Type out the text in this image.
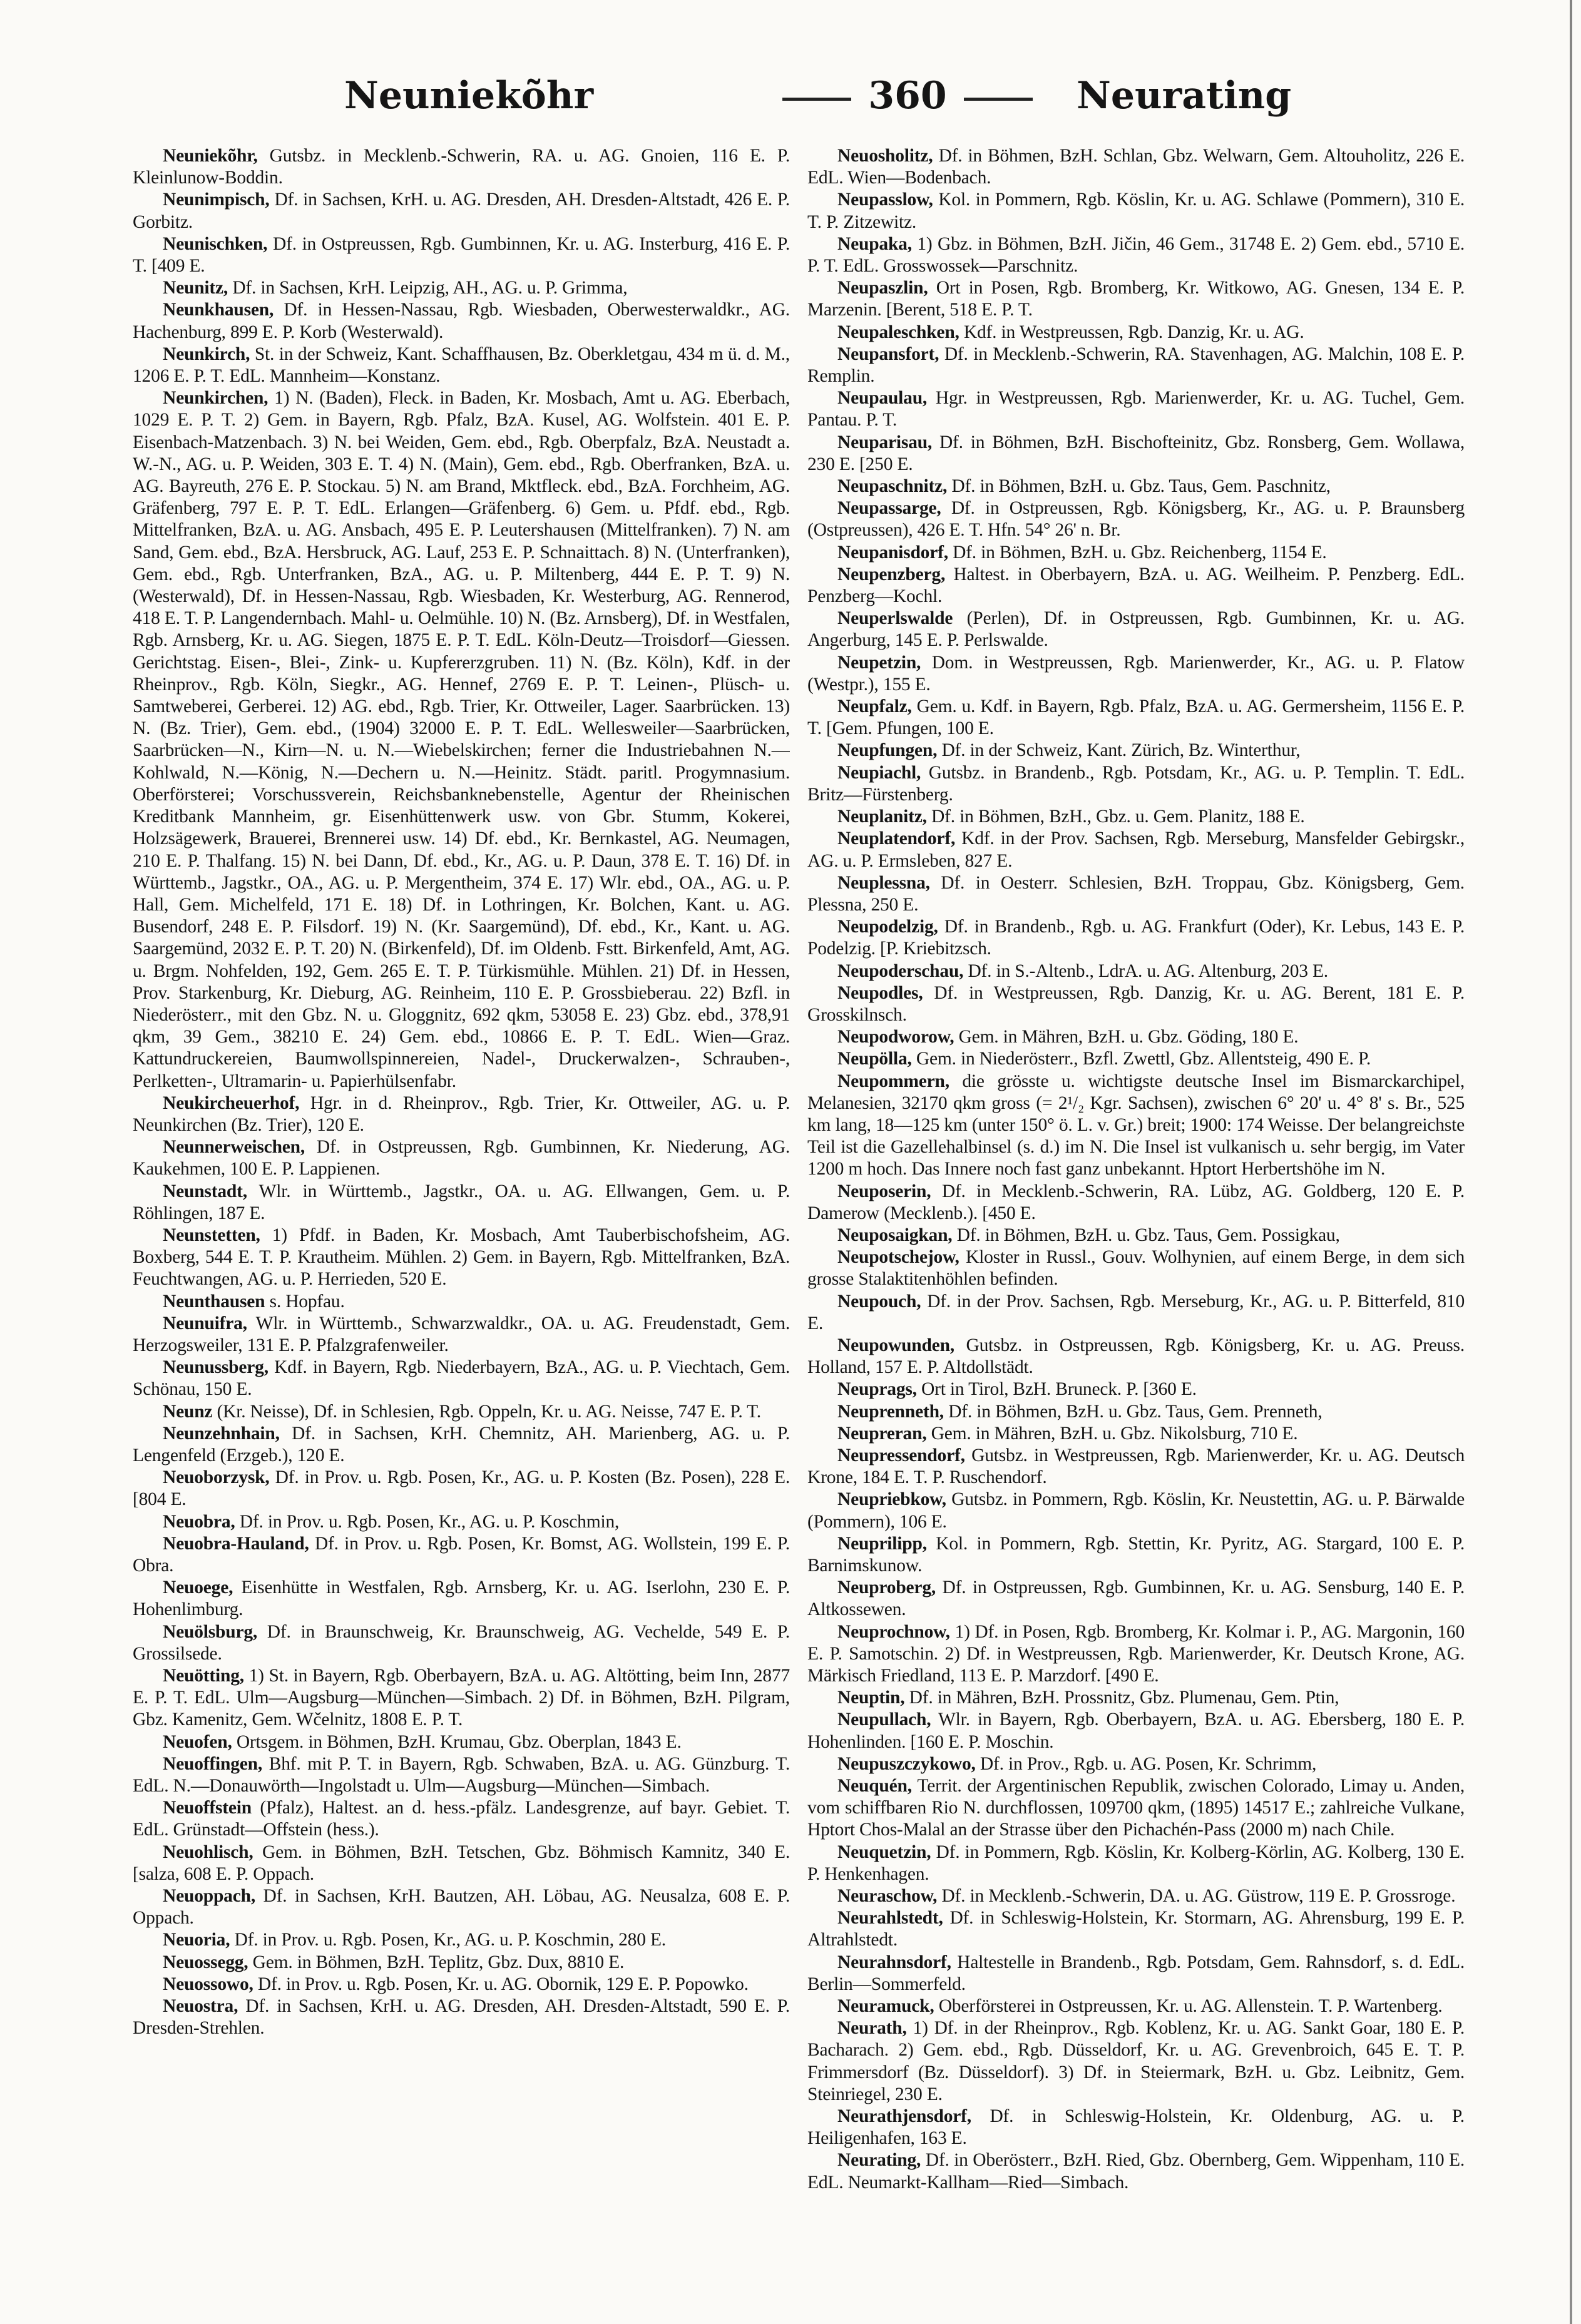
Neuniekõhr	360	Neurating

Neuniekõhr, Gutsbz. in Mecklenb.-Schwerin, RA. u. AG. Gnoien, 116 E. P. Kleinlunow-Boddin.

Neunimpisch, Df. in Sachsen, KrH. u. AG. Dresden, AH. Dresden-Altstadt, 426 E. P. Gorbitz.

Neunischken, Df. in Ostpreussen, Rgb. Gumbinnen, Kr. u. AG. Insterburg, 416 E. P. T. [409 E.

Neunitz, Df. in Sachsen, KrH. Leipzig, AH., AG. u. P. Grimma,

Neunkhausen, Df. in Hessen-Nassau, Rgb. Wiesbaden, Oberwesterwaldkr., AG. Hachenburg, 899 E. P. Korb (Westerwald).

Neunkirch, St. in der Schweiz, Kant. Schaffhausen, Bz. Oberkletgau, 434 m ü. d. M., 1206 E. P. T. EdL. Mannheim—Konstanz.

Neunkirchen, 1) N. (Baden), Fleck. in Baden, Kr. Mosbach, Amt u. AG. Eberbach, 1029 E. P. T. 2) Gem. in Bayern, Rgb. Pfalz, BzA. Kusel, AG. Wolfstein. 401 E. P. Eisenbach-Matzenbach. 3) N. bei Weiden, Gem. ebd., Rgb. Oberpfalz, BzA. Neustadt a. W.-N., AG. u. P. Weiden, 303 E. T. 4) N. (Main), Gem. ebd., Rgb. Oberfranken, BzA. u. AG. Bayreuth, 276 E. P. Stockau. 5) N. am Brand, Mktfleck. ebd., BzA. Forchheim, AG. Gräfenberg, 797 E. P. T. EdL. Erlangen—Gräfenberg. 6) Gem. u. Pfdf. ebd., Rgb. Mittelfranken, BzA. u. AG. Ansbach, 495 E. P. Leutershausen (Mittelfranken). 7) N. am Sand, Gem. ebd., BzA. Hersbruck, AG. Lauf, 253 E. P. Schnaittach. 8) N. (Unterfranken), Gem. ebd., Rgb. Unterfranken, BzA., AG. u. P. Miltenberg, 444 E. P. T. 9) N. (Westerwald), Df. in Hessen-Nassau, Rgb. Wiesbaden, Kr. Westerburg, AG. Rennerod, 418 E. T. P. Langendernbach. Mahl- u. Oelmühle. 10) N. (Bz. Arnsberg), Df. in Westfalen, Rgb. Arnsberg, Kr. u. AG. Siegen, 1875 E. P. T. EdL. Köln-Deutz—Troisdorf—Giessen. Gerichtstag. Eisen-, Blei-, Zink- u. Kupfererzgruben. 11) N. (Bz. Köln), Kdf. in der Rheinprov., Rgb. Köln, Siegkr., AG. Hennef, 2769 E. P. T. Leinen-, Plüsch- u. Samtweberei, Gerberei. 12) AG. ebd., Rgb. Trier, Kr. Ottweiler, Lager. Saarbrücken. 13) N. (Bz. Trier), Gem. ebd., (1904) 32000 E. P. T. EdL. Wellesweiler—Saarbrücken, Saarbrücken—N., Kirn—N. u. N.—Wiebelskirchen; ferner die Industriebahnen N.—Kohlwald, N.—König, N.—Dechern u. N.—Heinitz. Städt. paritl. Progymnasium. Oberförsterei; Vorschussverein, Reichsbanknebenstelle, Agentur der Rheinischen Kreditbank Mannheim, gr. Eisenhüttenwerk usw. von Gbr. Stumm, Kokerei, Holzsägewerk, Brauerei, Brennerei usw. 14) Df. ebd., Kr. Bernkastel, AG. Neumagen, 210 E. P. Thalfang. 15) N. bei Dann, Df. ebd., Kr., AG. u. P. Daun, 378 E. T. 16) Df. in Württemb., Jagstkr., OA., AG. u. P. Mergentheim, 374 E. 17) Wlr. ebd., OA., AG. u. P. Hall, Gem. Michelfeld, 171 E. 18) Df. in Lothringen, Kr. Bolchen, Kant. u. AG. Busendorf, 248 E. P. Filsdorf. 19) N. (Kr. Saargemünd), Df. ebd., Kr., Kant. u. AG. Saargemünd, 2032 E. P. T. 20) N. (Birkenfeld), Df. im Oldenb. Fstt. Birkenfeld, Amt, AG. u. Brgm. Nohfelden, 192, Gem. 265 E. T. P. Türkismühle. Mühlen. 21) Df. in Hessen, Prov. Starkenburg, Kr. Dieburg, AG. Reinheim, 110 E. P. Grossbieberau. 22) Bzfl. in Niederösterr., mit den Gbz. N. u. Gloggnitz, 692 qkm, 53058 E. 23) Gbz. ebd., 378,91 qkm, 39 Gem., 38210 E. 24) Gem. ebd., 10866 E. P. T. EdL. Wien—Graz. Kattundruckereien, Baumwollspinnereien, Nadel-, Druckerwalzen-, Schrauben-, Perlketten-, Ultramarin- u. Papierhülsenfabr.

Neukircheuerhof, Hgr. in d. Rheinprov., Rgb. Trier, Kr. Ottweiler, AG. u. P. Neunkirchen (Bz. Trier), 120 E.

Neunnerweischen, Df. in Ostpreussen, Rgb. Gumbinnen, Kr. Niederung, AG. Kaukehmen, 100 E. P. Lappienen.

Neunstadt, Wlr. in Württemb., Jagstkr., OA. u. AG. Ellwangen, Gem. u. P. Röhlingen, 187 E.

Neunstetten, 1) Pfdf. in Baden, Kr. Mosbach, Amt Tauberbischofsheim, AG. Boxberg, 544 E. T. P. Krautheim. Mühlen. 2) Gem. in Bayern, Rgb. Mittelfranken, BzA. Feuchtwangen, AG. u. P. Herrieden, 520 E.

Neunthausen s. Hopfau.

Neunuifra, Wlr. in Württemb., Schwarzwaldkr., OA. u. AG. Freudenstadt, Gem. Herzogsweiler, 131 E. P. Pfalzgrafenweiler.

Neunussberg, Kdf. in Bayern, Rgb. Niederbayern, BzA., AG. u. P. Viechtach, Gem. Schönau, 150 E.

Neunz (Kr. Neisse), Df. in Schlesien, Rgb. Oppeln, Kr. u. AG. Neisse, 747 E. P. T.

Neunzehnhain, Df. in Sachsen, KrH. Chemnitz, AH. Marienberg, AG. u. P. Lengenfeld (Erzgeb.), 120 E.

Neuoborzysk, Df. in Prov. u. Rgb. Posen, Kr., AG. u. P. Kosten (Bz. Posen), 228 E. [804 E.

Neuobra, Df. in Prov. u. Rgb. Posen, Kr., AG. u. P. Koschmin,

Neuobra-Hauland, Df. in Prov. u. Rgb. Posen, Kr. Bomst, AG. Wollstein, 199 E. P. Obra.

Neuoege, Eisenhütte in Westfalen, Rgb. Arnsberg, Kr. u. AG. Iserlohn, 230 E. P. Hohenlimburg.

Neuölsburg, Df. in Braunschweig, Kr. Braunschweig, AG. Vechelde, 549 E. P. Grossilsede.

Neuötting, 1) St. in Bayern, Rgb. Oberbayern, BzA. u. AG. Altötting, beim Inn, 2877 E. P. T. EdL. Ulm—Augsburg—München—Simbach. 2) Df. in Böhmen, BzH. Pilgram, Gbz. Kamenitz, Gem. Wčelnitz, 1808 E. P. T.

Neuofen, Ortsgem. in Böhmen, BzH. Krumau, Gbz. Oberplan, 1843 E.

Neuoffingen, Bhf. mit P. T. in Bayern, Rgb. Schwaben, BzA. u. AG. Günzburg. T. EdL. N.—Donauwörth—Ingolstadt u. Ulm—Augsburg—München—Simbach.

Neuoffstein (Pfalz), Haltest. an d. hess.-pfälz. Landesgrenze, auf bayr. Gebiet. T. EdL. Grünstadt—Offstein (hess.).

Neuohlisch, Gem. in Böhmen, BzH. Tetschen, Gbz. Böhmisch Kamnitz, 340 E. [salza, 608 E. P. Oppach.

Neuoppach, Df. in Sachsen, KrH. Bautzen, AH. Löbau, AG. Neusalza, 608 E. P. Oppach.

Neuoria, Df. in Prov. u. Rgb. Posen, Kr., AG. u. P. Koschmin, 280 E.

Neuossegg, Gem. in Böhmen, BzH. Teplitz, Gbz. Dux, 8810 E.

Neuossowo, Df. in Prov. u. Rgb. Posen, Kr. u. AG. Obornik, 129 E. P. Popowko.

Neuostra, Df. in Sachsen, KrH. u. AG. Dresden, AH. Dresden-Altstadt, 590 E. P. Dresden-Strehlen.

Neuosholitz, Df. in Böhmen, BzH. Schlan, Gbz. Welwarn, Gem. Altouholitz, 226 E. EdL. Wien—Bodenbach.

Neupasslow, Kol. in Pommern, Rgb. Köslin, Kr. u. AG. Schlawe (Pommern), 310 E. T. P. Zitzewitz.

Neupaka, 1) Gbz. in Böhmen, BzH. Jičin, 46 Gem., 31748 E. 2) Gem. ebd., 5710 E. P. T. EdL. Grosswossek—Parschnitz.

Neupaszlin, Ort in Posen, Rgb. Bromberg, Kr. Witkowo, AG. Gnesen, 134 E. P. Marzenin. [Berent, 518 E. P. T.

Neupaleschken, Kdf. in Westpreussen, Rgb. Danzig, Kr. u. AG.

Neupansfort, Df. in Mecklenb.-Schwerin, RA. Stavenhagen, AG. Malchin, 108 E. P. Remplin.

Neupaulau, Hgr. in Westpreussen, Rgb. Marienwerder, Kr. u. AG. Tuchel, Gem. Pantau. P. T.

Neuparisau, Df. in Böhmen, BzH. Bischofteinitz, Gbz. Ronsberg, Gem. Wollawa, 230 E. [250 E.

Neupaschnitz, Df. in Böhmen, BzH. u. Gbz. Taus, Gem. Paschnitz,

Neupassarge, Df. in Ostpreussen, Rgb. Königsberg, Kr., AG. u. P. Braunsberg (Ostpreussen), 426 E. T. Hfn. 54° 26' n. Br.

Neupanisdorf, Df. in Böhmen, BzH. u. Gbz. Reichenberg, 1154 E.

Neupenzberg, Haltest. in Oberbayern, BzA. u. AG. Weilheim. P. Penzberg. EdL. Penzberg—Kochl.

Neuperlswalde (Perlen), Df. in Ostpreussen, Rgb. Gumbinnen, Kr. u. AG. Angerburg, 145 E. P. Perlswalde.

Neupetzin, Dom. in Westpreussen, Rgb. Marienwerder, Kr., AG. u. P. Flatow (Westpr.), 155 E.

Neupfalz, Gem. u. Kdf. in Bayern, Rgb. Pfalz, BzA. u. AG. Germersheim, 1156 E. P. T. [Gem. Pfungen, 100 E.

Neupfungen, Df. in der Schweiz, Kant. Zürich, Bz. Winterthur,

Neupiachl, Gutsbz. in Brandenb., Rgb. Potsdam, Kr., AG. u. P. Templin. T. EdL. Britz—Fürstenberg.

Neuplanitz, Df. in Böhmen, BzH., Gbz. u. Gem. Planitz, 188 E.

Neuplatendorf, Kdf. in der Prov. Sachsen, Rgb. Merseburg, Mansfelder Gebirgskr., AG. u. P. Ermsleben, 827 E.

Neuplessna, Df. in Oesterr. Schlesien, BzH. Troppau, Gbz. Königsberg, Gem. Plessna, 250 E.

Neupodelzig, Df. in Brandenb., Rgb. u. AG. Frankfurt (Oder), Kr. Lebus, 143 E. P. Podelzig. [P. Kriebitzsch.

Neupoderschau, Df. in S.-Altenb., LdrA. u. AG. Altenburg, 203 E.

Neupodles, Df. in Westpreussen, Rgb. Danzig, Kr. u. AG. Berent, 181 E. P. Grosskilnsch.

Neupodworow, Gem. in Mähren, BzH. u. Gbz. Göding, 180 E.

Neupölla, Gem. in Niederösterr., Bzfl. Zwettl, Gbz. Allentsteig, 490 E. P.

Neupommern, die grösste u. wichtigste deutsche Insel im Bismarckarchipel, Melanesien, 32170 qkm gross (= 2¹/₂ Kgr. Sachsen), zwischen 6° 20' u. 4° 8' s. Br., 525 km lang, 18—125 km (unter 150° ö. L. v. Gr.) breit; 1900: 174 Weisse. Der belangreichste Teil ist die Gazellehalbinsel (s. d.) im N. Die Insel ist vulkanisch u. sehr bergig, im Vater 1200 m hoch. Das Innere noch fast ganz unbekannt. Hptort Herbertshöhe im N.

Neuposerin, Df. in Mecklenb.-Schwerin, RA. Lübz, AG. Goldberg, 120 E. P. Damerow (Mecklenb.). [450 E.

Neuposaigkan, Df. in Böhmen, BzH. u. Gbz. Taus, Gem. Possigkau,

Neupotschejow, Kloster in Russl., Gouv. Wolhynien, auf einem Berge, in dem sich grosse Stalaktitenhöhlen befinden.

Neupouch, Df. in der Prov. Sachsen, Rgb. Merseburg, Kr., AG. u. P. Bitterfeld, 810 E.

Neupowunden, Gutsbz. in Ostpreussen, Rgb. Königsberg, Kr. u. AG. Preuss. Holland, 157 E. P. Altdollstädt.

Neuprags, Ort in Tirol, BzH. Bruneck. P. [360 E.

Neuprenneth, Df. in Böhmen, BzH. u. Gbz. Taus, Gem. Prenneth,

Neupreran, Gem. in Mähren, BzH. u. Gbz. Nikolsburg, 710 E.

Neupressendorf, Gutsbz. in Westpreussen, Rgb. Marienwerder, Kr. u. AG. Deutsch Krone, 184 E. T. P. Ruschendorf.

Neupriebkow, Gutsbz. in Pommern, Rgb. Köslin, Kr. Neustettin, AG. u. P. Bärwalde (Pommern), 106 E.

Neuprilipp, Kol. in Pommern, Rgb. Stettin, Kr. Pyritz, AG. Stargard, 100 E. P. Barnimskunow.

Neuproberg, Df. in Ostpreussen, Rgb. Gumbinnen, Kr. u. AG. Sensburg, 140 E. P. Altkossewen.

Neuprochnow, 1) Df. in Posen, Rgb. Bromberg, Kr. Kolmar i. P., AG. Margonin, 160 E. P. Samotschin. 2) Df. in Westpreussen, Rgb. Marienwerder, Kr. Deutsch Krone, AG. Märkisch Friedland, 113 E. P. Marzdorf. [490 E.

Neuptin, Df. in Mähren, BzH. Prossnitz, Gbz. Plumenau, Gem. Ptin,

Neupullach, Wlr. in Bayern, Rgb. Oberbayern, BzA. u. AG. Ebersberg, 180 E. P. Hohenlinden. [160 E. P. Moschin.

Neupuszczykowo, Df. in Prov., Rgb. u. AG. Posen, Kr. Schrimm,

Neuquén, Territ. der Argentinischen Republik, zwischen Colorado, Limay u. Anden, vom schiffbaren Rio N. durchflossen, 109700 qkm, (1895) 14517 E.; zahlreiche Vulkane, Hptort Chos-Malal an der Strasse über den Pichachén-Pass (2000 m) nach Chile.

Neuquetzin, Df. in Pommern, Rgb. Köslin, Kr. Kolberg-Körlin, AG. Kolberg, 130 E. P. Henkenhagen.

Neuraschow, Df. in Mecklenb.-Schwerin, DA. u. AG. Güstrow, 119 E. P. Grossroge.

Neurahlstedt, Df. in Schleswig-Holstein, Kr. Stormarn, AG. Ahrensburg, 199 E. P. Altrahlstedt.

Neurahnsdorf, Haltestelle in Brandenb., Rgb. Potsdam, Gem. Rahnsdorf, s. d. EdL. Berlin—Sommerfeld.

Neuramuck, Oberförsterei in Ostpreussen, Kr. u. AG. Allenstein. T. P. Wartenberg.

Neurath, 1) Df. in der Rheinprov., Rgb. Koblenz, Kr. u. AG. Sankt Goar, 180 E. P. Bacharach. 2) Gem. ebd., Rgb. Düsseldorf, Kr. u. AG. Grevenbroich, 645 E. T. P. Frimmersdorf (Bz. Düsseldorf). 3) Df. in Steiermark, BzH. u. Gbz. Leibnitz, Gem. Steinriegel, 230 E.

Neurathjensdorf, Df. in Schleswig-Holstein, Kr. Oldenburg, AG. u. P. Heiligenhafen, 163 E.

Neurating, Df. in Oberösterr., BzH. Ried, Gbz. Obernberg, Gem. Wippenham, 110 E. EdL. Neumarkt-Kallham—Ried—Simbach.
